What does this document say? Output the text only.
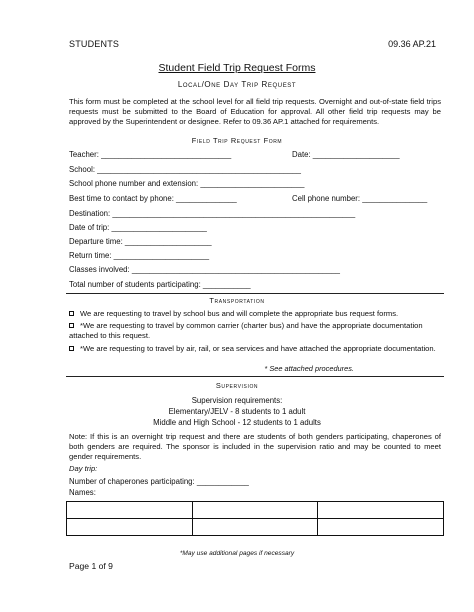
STUDENTS	09.36 AP.21
Student Field Trip Request Forms
Local/One Day Trip Request
This form must be completed at the school level for all field trip requests. Overnight and out-of-state field trips requests must be submitted to the Board of Education for approval. All other field trip requests may be approved by the Superintendent or designee. Refer to 09.36 AP.1 attached for requirements.
Field Trip Request Form
Teacher: ______________________________	Date: ____________________
School: _______________________________________________
School phone number and extension: ________________________
Best time to contact by phone: ______________	Cell phone number: _______________
Destination: ________________________________________________________
Date of trip: ______________________
Departure time: ____________________
Return time: ______________________
Classes involved: ________________________________________________
Total number of students participating: ___________
Transportation
We are requesting to travel by school bus and will complete the appropriate bus request forms.
*We are requesting to travel by common carrier (charter bus) and have the appropriate documentation attached to this request.
*We are requesting to travel by air, rail, or sea services and have attached the appropriate documentation.
* See attached procedures.
Supervision
Supervision requirements:
Elementary/JELV - 8 students to 1 adult
Middle and High School - 12 students to 1 adults
Note: If this is an overnight trip request and there are students of both genders participating, chaperones of both genders are required. The sponsor is included in the supervision ratio and may be counted to meet gender requirements.
Day trip:
Number of chaperones participating: ____________
Names:

*May use additional pages if necessary
Page 1 of 9
